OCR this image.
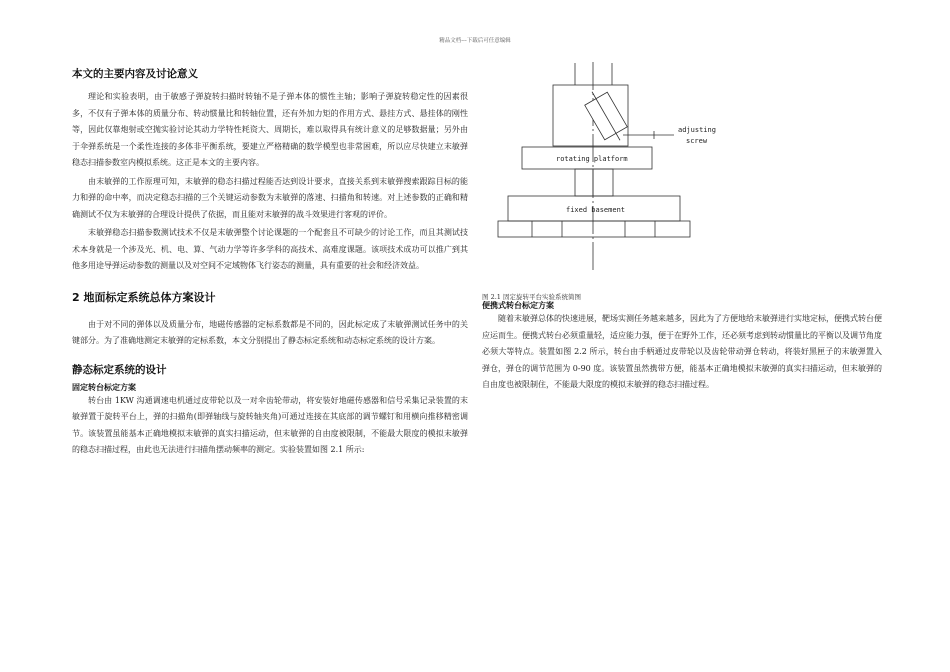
精品文档---下载后可任意编辑
本文的主要内容及讨论意义

理论和实验表明，由于敏感子弹旋转扫描时转轴不是子弹本体的惯性主轴；影响子弹旋转稳定性的因素很多，不仅有子弹本体的质量分布、转动惯量比和转轴位置，还有外加力矩的作用方式、悬挂方式、悬挂体的刚性等，因此仅靠炮射或空抛实验讨论其动力学特性耗资大、周期长，难以取得具有统计意义的足够数据量；另外由于伞弹系统是一个柔性连接的多体非平衡系统，要建立严格精确的数学模型也非常困难，所以应尽快建立末敏弹稳态扫描参数室内模拟系统。这正是本文的主要内容。

由末敏弹的工作原理可知，末敏弹的稳态扫描过程能否达到设计要求，直接关系到末敏弹搜索跟踪目标的能力和弹的命中率，而决定稳态扫描的三个关键运动参数为末敏弹的落速、扫描角和转速。对上述参数的正确和精确测试不仅为末敏弹的合理设计提供了依据，而且能对末敏弹的战斗效果进行客观的评价。

末敏弹稳态扫描参数测试技术不仅是末敏弹整个讨论课题的一个配套且不可缺少的讨论工作，而且其测试技术本身就是一个涉及光、机、电、算、气动力学等许多学科的高技术、高难度课题。该项技术成功可以推广到其他多用途导弹运动参数的测量以及对空间不定域物体飞行姿态的测量，具有重要的社会和经济效益。

2 地面标定系统总体方案设计

由于对不同的弹体以及质量分布，地磁传感器的定标系数都是不同的，因此标定成了末敏弹测试任务中的关键部分。为了准确地测定末敏弹的定标系数，本文分别提出了静态标定系统和动态标定系统的设计方案。

静态标定系统的设计
固定转台标定方案

转台由 1KW 沟通调速电机通过皮带轮以及一对伞齿轮带动，将安装好地磁传感器和信号采集记录装置的末敏弹置于旋转平台上，弹的扫描角(即弹轴线与旋转轴夹角)可通过连接在其底部的调节螺钉和用横向推移精密调节。该装置虽能基本正确地模拟末敏弹的真实扫描运动，但末敏弹的自由度被限制，不能最大限度的模拟末敏弹的稳态扫描过程，由此也无法进行扫描角摆动频率的测定。实验装置如图 2.1 所示:

adjusting
screw
rotating platform
fixed basement
图 2.1 固定旋转平台实验系统简图
便携式转台标定方案

随着末敏弹总体的快速进展，靶场实测任务越来越多，因此为了方便地给末敏弹进行实地定标，便携式转台便应运而生。便携式转台必须重量轻，适应能力强，便于在野外工作，还必须考虑到转动惯量比的平衡以及调节角度必须大等特点。装置如图 2.2 所示，转台由手柄通过皮带轮以及齿轮带动弹仓转动，将装好黑匣子的末敏弹置入弹仓，弹仓的调节范围为 0-90 度。该装置虽然携带方便，能基本正确地模拟末敏弹的真实扫描运动，但末敏弹的自由度也被限制住，不能最大限度的模拟末敏弹的稳态扫描过程。
